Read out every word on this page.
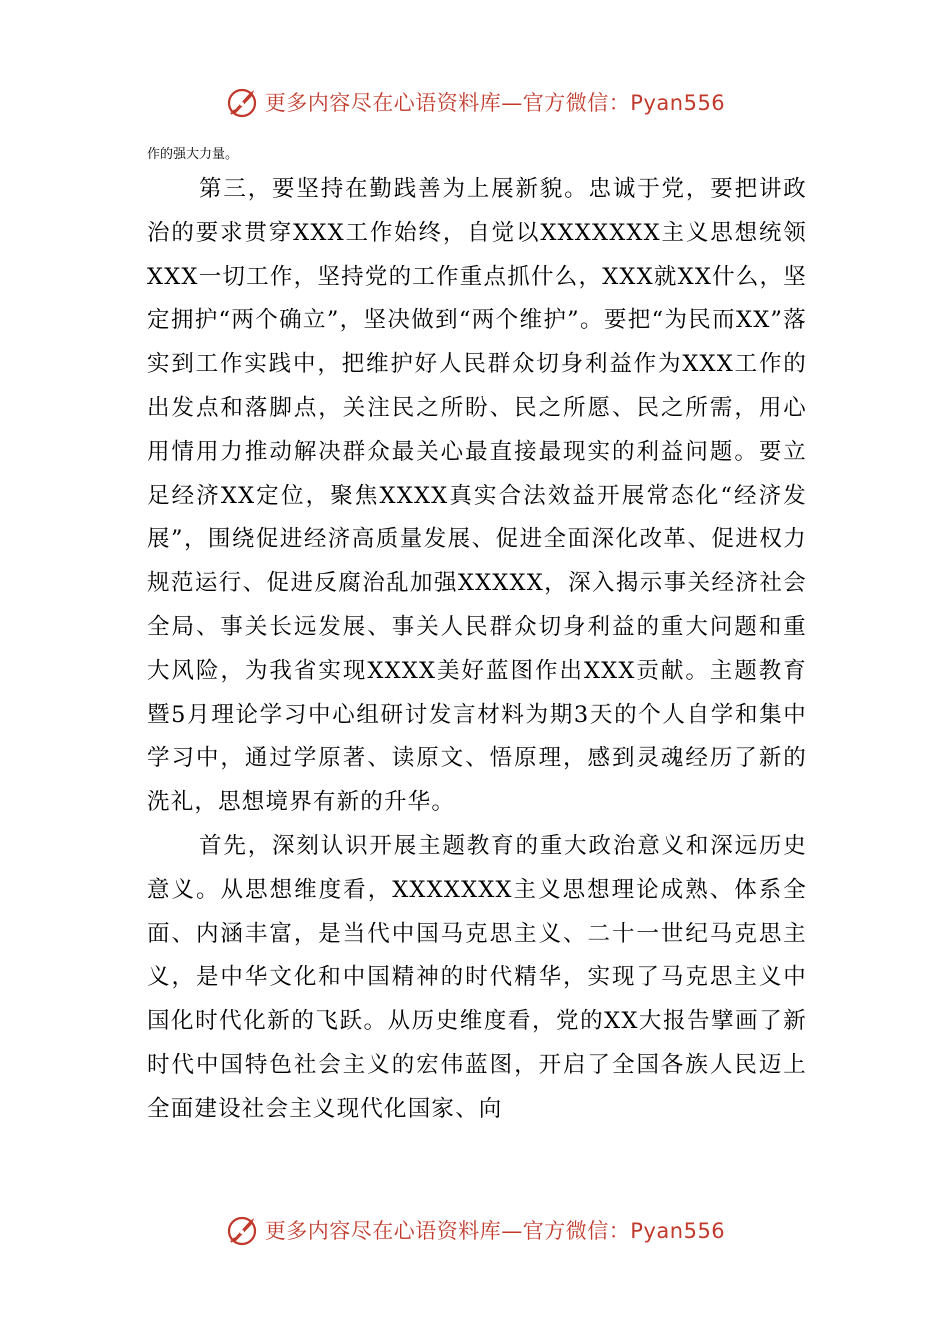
更多内容尽在心语资料库—官方微信：Pyan556
作的强大力量。

第三，要坚持在勤践善为上展新貌。忠诚于党，要把讲政治的要求贯穿XXX工作始终，自觉以XXXXXXX主义思想统领XXX一切工作，坚持党的工作重点抓什么，XXX就XX什么，坚定拥护“两个确立”，坚决做到“两个维护”。要把“为民而XX”落实到工作实践中，把维护好人民群众切身利益作为XXX工作的出发点和落脚点，关注民之所盼、民之所愿、民之所需，用心用情用力推动解决群众最关心最直接最现实的利益问题。要立足经济XX定位，聚焦XXXX真实合法效益开展常态化“经济发展”，围绕促进经济高质量发展、促进全面深化改革、促进权力规范运行、促进反腐治乱加强XXXXX，深入揭示事关经济社会全局、事关长远发展、事关人民群众切身利益的重大问题和重大风险，为我省实现XXXX美好蓝图作出XXX贡献。主题教育暨5月理论学习中心组研讨发言材料为期3天的个人自学和集中学习中，通过学原著、读原文、悟原理，感到灵魂经历了新的洗礼，思想境界有新的升华。

首先，深刻认识开展主题教育的重大政治意义和深远历史意义。从思想维度看，XXXXXXX主义思想理论成熟、体系全面、内涵丰富，是当代中国马克思主义、二十一世纪马克思主义，是中华文化和中国精神的时代精华，实现了马克思主义中国化时代化新的飞跃。从历史维度看，党的XX大报告擘画了新时代中国特色社会主义的宏伟蓝图，开启了全国各族人民迈上全面建设社会主义现代化国家、向

更多内容尽在心语资料库—官方微信：Pyan556
